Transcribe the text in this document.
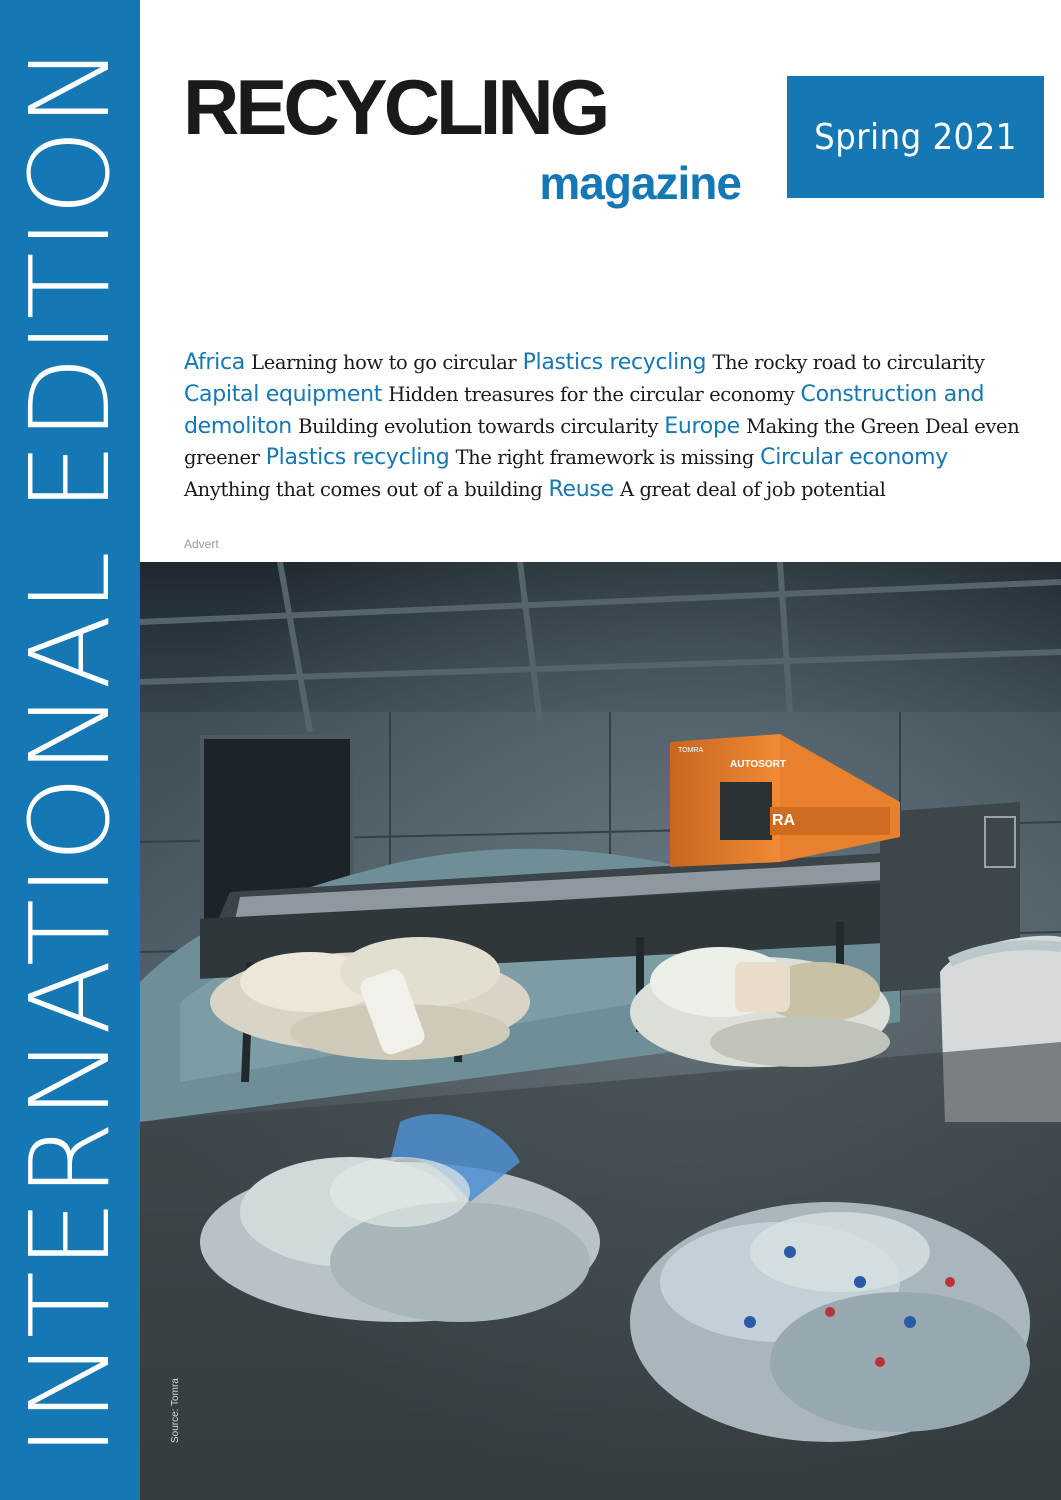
INTERNATIONAL EDITION RECYCLING
magazine
Spring 2021
Africa Learning how to go circular Plastics recycling The rocky road to circularity
Capital equipment Hidden treasures for the circular economy Construction and demoliton Building evolution towards circularity Europe Making the Green Deal even greener Plastics recycling The right framework is missing Circular economy Anything that comes out of a building Reuse A great deal of job potential
Advert
AUTOSORT
TOMRA
RA
Source: Tomra
